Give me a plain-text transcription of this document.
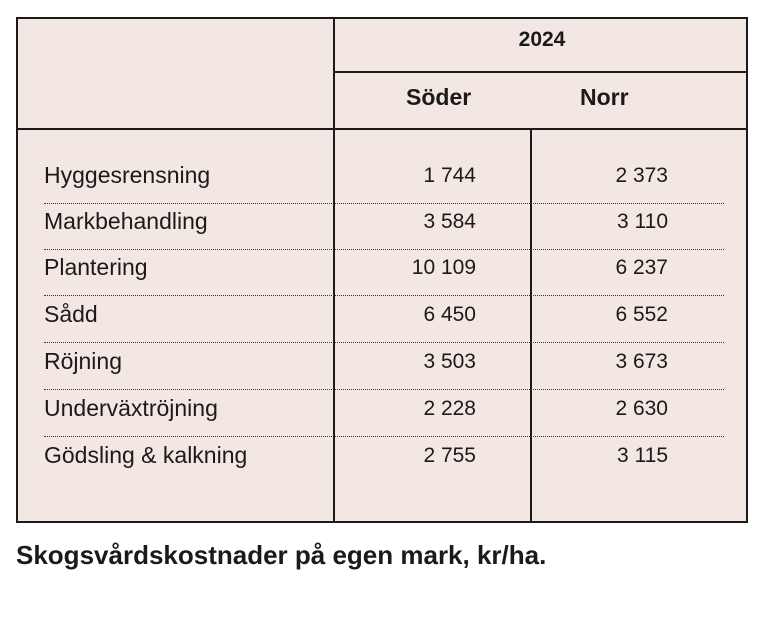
2024
Söder	Norr
Hyggesrensning	1 744	2 373
Markbehandling	3 584	3 110
Plantering	10 109	6 237
Sådd	6 450	6 552
Röjning	3 503	3 673
Underväxtröjning	2 228	2 630
Gödsling & kalkning	2 755	3 115
Skogsvårdskostnader på egen mark, kr/ha.
